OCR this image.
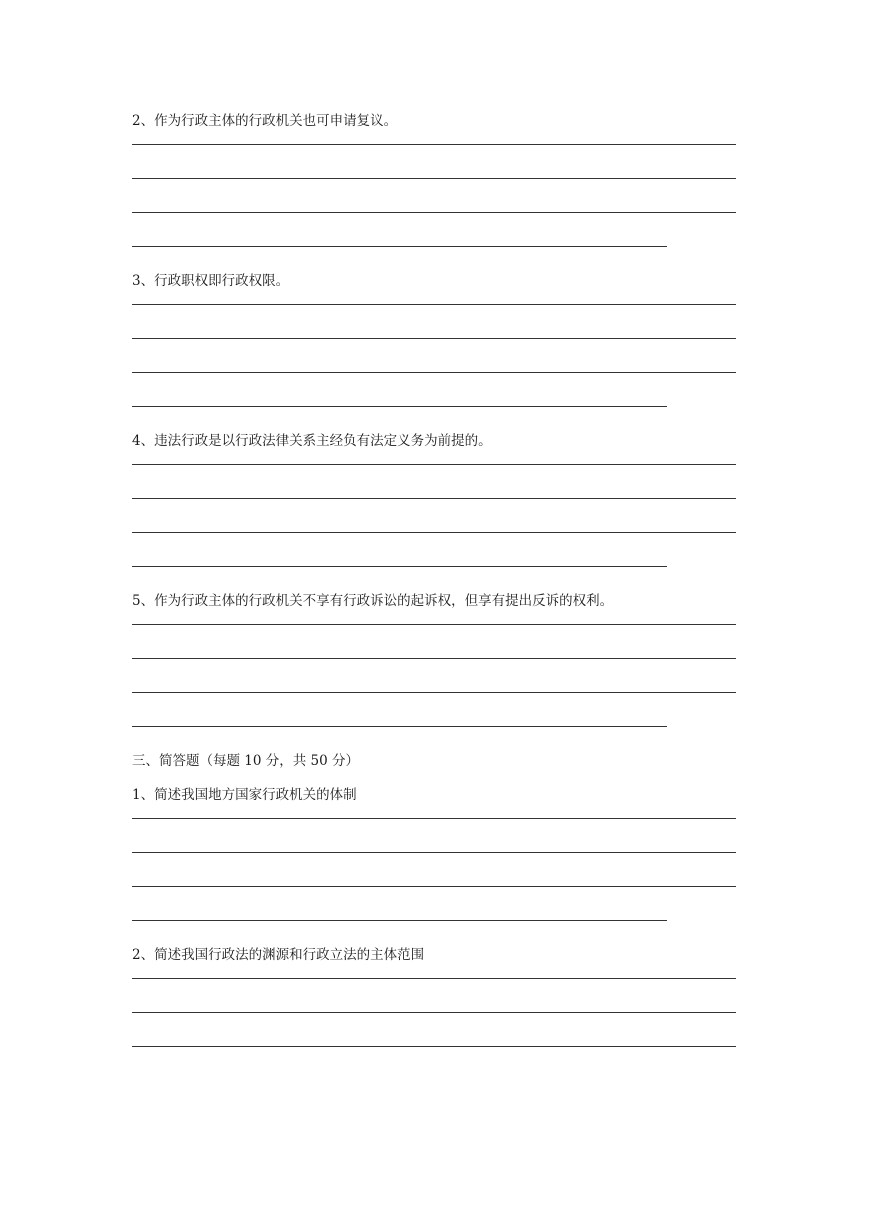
2、作为行政主体的行政机关也可申请复议。

3、行政职权即行政权限。

4、违法行政是以行政法律关系主经负有法定义务为前提的。

5、作为行政主体的行政机关不享有行政诉讼的起诉权，但享有提出反诉的权利。

三、简答题（每题 10 分，共 50 分）

1、简述我国地方国家行政机关的体制

2、简述我国行政法的渊源和行政立法的主体范围
